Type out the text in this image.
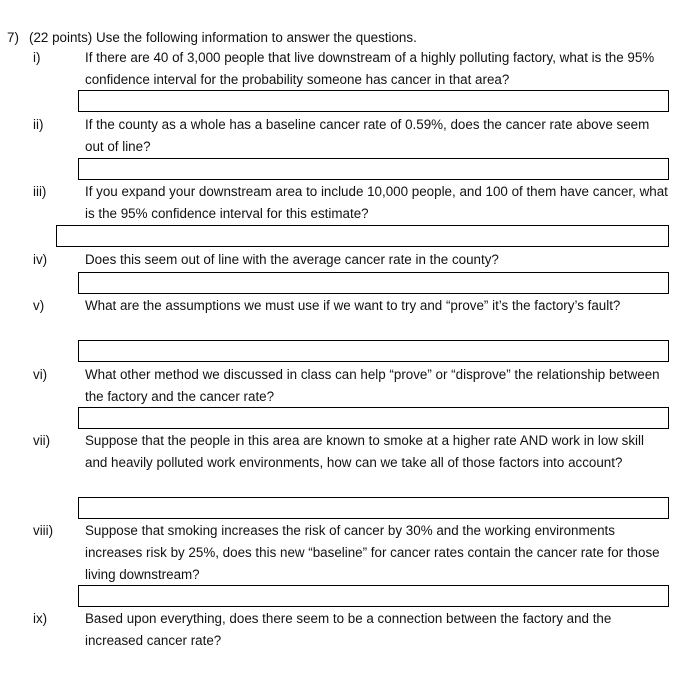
7) (22 points) Use the following information to answer the questions.
i)	If there are 40 of 3,000 people that live downstream of a highly polluting factory, what is the 95% confidence interval for the probability someone has cancer in that area?
ii)	If the county as a whole has a baseline cancer rate of 0.59%, does the cancer rate above seem out of line?
iii)	If you expand your downstream area to include 10,000 people, and 100 of them have cancer, what is the 95% confidence interval for this estimate?
iv)	Does this seem out of line with the average cancer rate in the county?
v)	What are the assumptions we must use if we want to try and “prove” it’s the factory’s fault?
vi)	What other method we discussed in class can help “prove” or “disprove” the relationship between the factory and the cancer rate?
vii)	Suppose that the people in this area are known to smoke at a higher rate AND work in low skill and heavily polluted work environments, how can we take all of those factors into account?
viii) Suppose that smoking increases the risk of cancer by 30% and the working environments increases risk by 25%, does this new “baseline” for cancer rates contain the cancer rate for those living downstream?
ix)	Based upon everything, does there seem to be a connection between the factory and the increased cancer rate?
